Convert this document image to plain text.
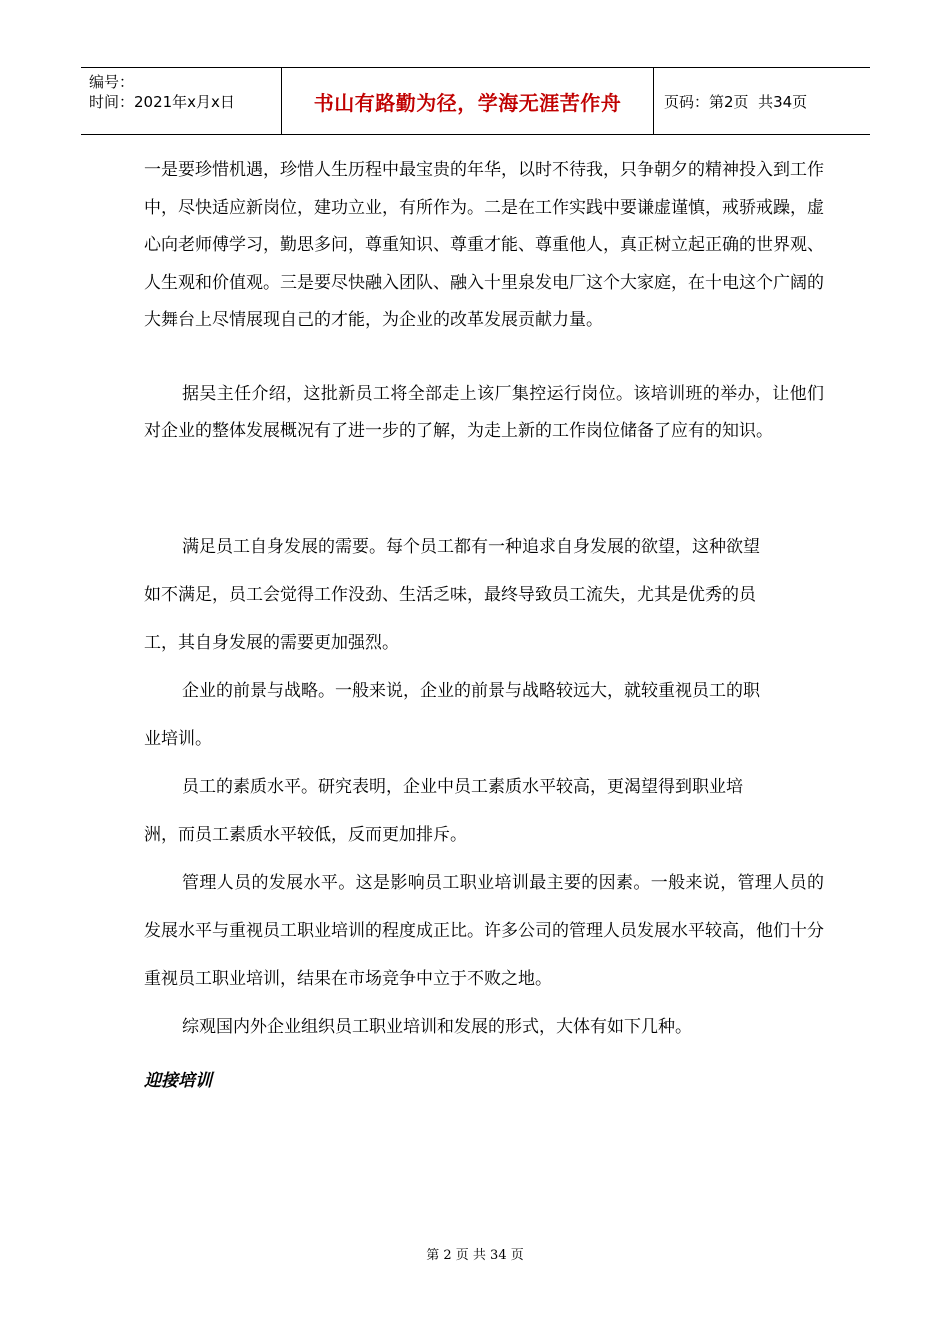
编号：
时间：2021年x月x日	书山有路勤为径，学海无涯苦作舟	页码：第2页  共34页

一是要珍惜机遇，珍惜人生历程中最宝贵的年华，以时不待我，只争朝夕的精神投入到工作中，尽快适应新岗位，建功立业，有所作为。二是在工作实践中要谦虚谨慎，戒骄戒躁，虚心向老师傅学习，勤思多问，尊重知识、尊重才能、尊重他人，真正树立起正确的世界观、人生观和价值观。三是要尽快融入团队、融入十里泉发电厂这个大家庭，在十电这个广阔的大舞台上尽情展现自己的才能，为企业的改革发展贡献力量。

据吴主任介绍，这批新员工将全部走上该厂集控运行岗位。该培训班的举办，让他们对企业的整体发展概况有了进一步的了解，为走上新的工作岗位储备了应有的知识。

满足员工自身发展的需要。每个员工都有一种追求自身发展的欲望，这种欲望如不满足，员工会觉得工作没劲、生活乏味，最终导致员工流失，尤其是优秀的员工，其自身发展的需要更加强烈。

企业的前景与战略。一般来说，企业的前景与战略较远大，就较重视员工的职业培训。

员工的素质水平。研究表明，企业中员工素质水平较高，更渴望得到职业培洲，而员工素质水平较低，反而更加排斥。

管理人员的发展水平。这是影响员工职业培训最主要的因素。一般来说，管理人员的发展水平与重视员工职业培训的程度成正比。许多公司的管理人员发展水平较高，他们十分重视员工职业培训，结果在市场竞争中立于不败之地。

综观国内外企业组织员工职业培训和发展的形式，大体有如下几种。

迎接培训
第 2 页 共 34 页
